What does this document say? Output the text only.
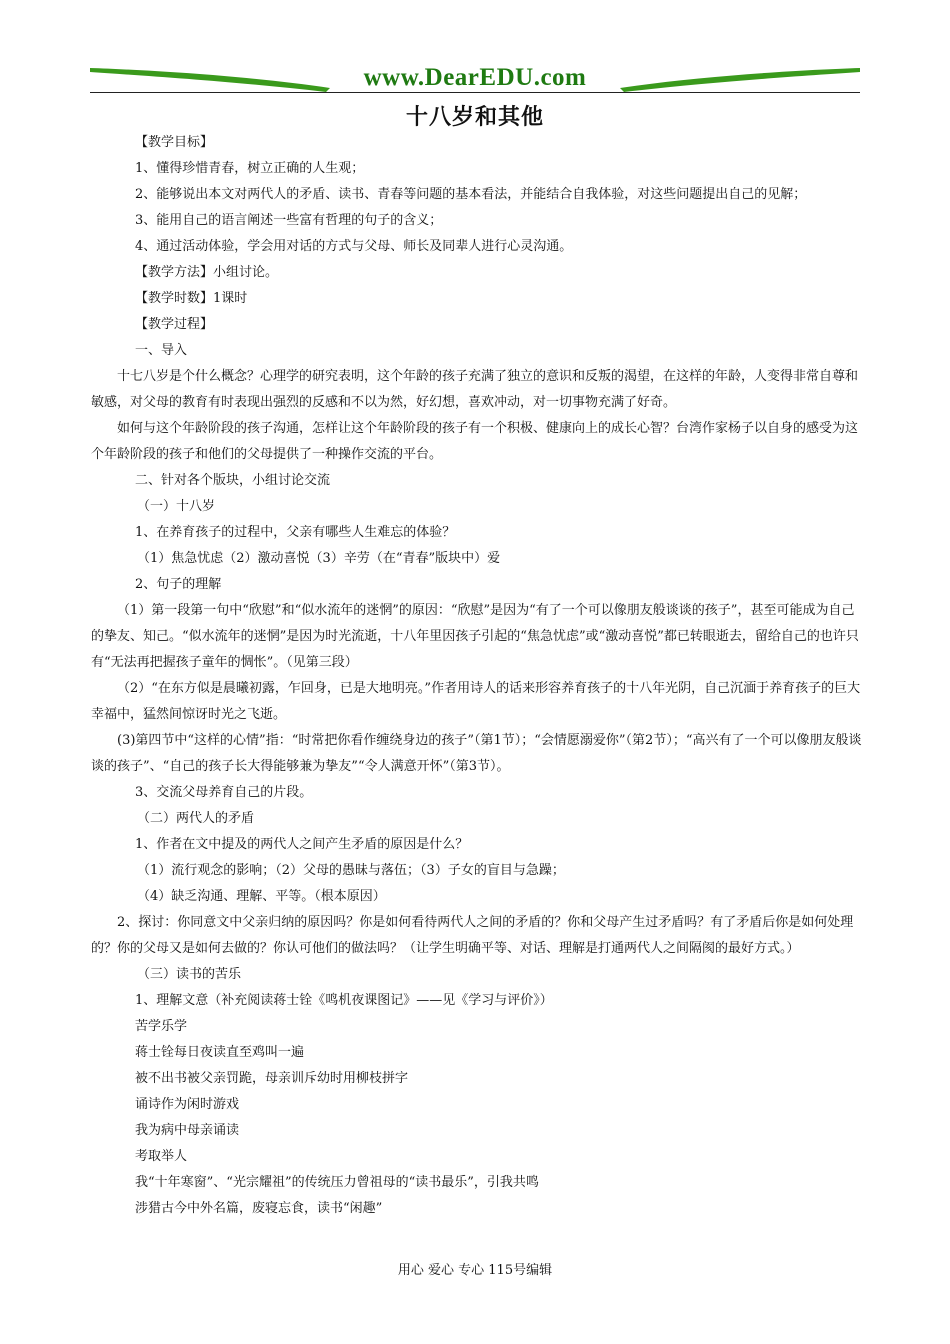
www.DearEDU.com
十八岁和其他

【教学目标】

1、懂得珍惜青春，树立正确的人生观；

2、能够说出本文对两代人的矛盾、读书、青春等问题的基本看法，并能结合自我体验，对这些问题提出自己的见解；

3、能用自己的语言阐述一些富有哲理的句子的含义；

4、通过活动体验，学会用对话的方式与父母、师长及同辈人进行心灵沟通。

【教学方法】小组讨论。

【教学时数】1课时

【教学过程】

一、导入

十七八岁是个什么概念？心理学的研究表明，这个年龄的孩子充满了独立的意识和反叛的渴望，在这样的年龄，人变得非常自尊和敏感，对父母的教育有时表现出强烈的反感和不以为然，好幻想，喜欢冲动，对一切事物充满了好奇。

如何与这个年龄阶段的孩子沟通，怎样让这个年龄阶段的孩子有一个积极、健康向上的成长心智？台湾作家杨子以自身的感受为这个年龄阶段的孩子和他们的父母提供了一种操作交流的平台。

二、针对各个版块，小组讨论交流

（一）十八岁

1、在养育孩子的过程中，父亲有哪些人生难忘的体验？

（1）焦急忧虑（2）激动喜悦（3）辛劳（在“青春”版块中）爱

2、句子的理解

（1）第一段第一句中“欣慰”和“似水流年的迷惘”的原因：“欣慰”是因为“有了一个可以像朋友般谈谈的孩子”，甚至可能成为自己的挚友、知己。“似水流年的迷惘”是因为时光流逝，十八年里因孩子引起的“焦急忧虑”或“激动喜悦”都已转眼逝去，留给自己的也许只有“无法再把握孩子童年的惆怅”。（见第三段）

（2）“在东方似是晨曦初露，乍回身，已是大地明亮。”作者用诗人的话来形容养育孩子的十八年光阴，自己沉湎于养育孩子的巨大幸福中，猛然间惊讶时光之飞逝。

(3)第四节中“这样的心情”指：“时常把你看作缠绕身边的孩子”（第1节）；“会情愿溺爱你”（第2节）；“高兴有了一个可以像朋友般谈谈的孩子”、“自己的孩子长大得能够兼为挚友”“令人满意开怀”（第3节）。

3、交流父母养育自己的片段。

（二）两代人的矛盾

1、作者在文中提及的两代人之间产生矛盾的原因是什么？

（1）流行观念的影响；（2）父母的愚昧与落伍；（3）子女的盲目与急躁；

（4）缺乏沟通、理解、平等。（根本原因）

2、探讨：你同意文中父亲归纳的原因吗？你是如何看待两代人之间的矛盾的？你和父母产生过矛盾吗？有了矛盾后你是如何处理的？你的父母又是如何去做的？你认可他们的做法吗？（让学生明确平等、对话、理解是打通两代人之间隔阂的最好方式。）

（三）读书的苦乐

1、理解文意（补充阅读蒋士铨《鸣机夜课图记》——见《学习与评价》）

苦学乐学

蒋士铨每日夜读直至鸡叫一遍

被不出书被父亲罚跪，母亲训斥幼时用柳枝拼字

诵诗作为闲时游戏

我为病中母亲诵读

考取举人

我“十年寒窗”、“光宗耀祖”的传统压力曾祖母的“读书最乐”，引我共鸣

涉猎古今中外名篇，废寝忘食，读书“闲趣”

用心 爱心 专心 115号编辑
